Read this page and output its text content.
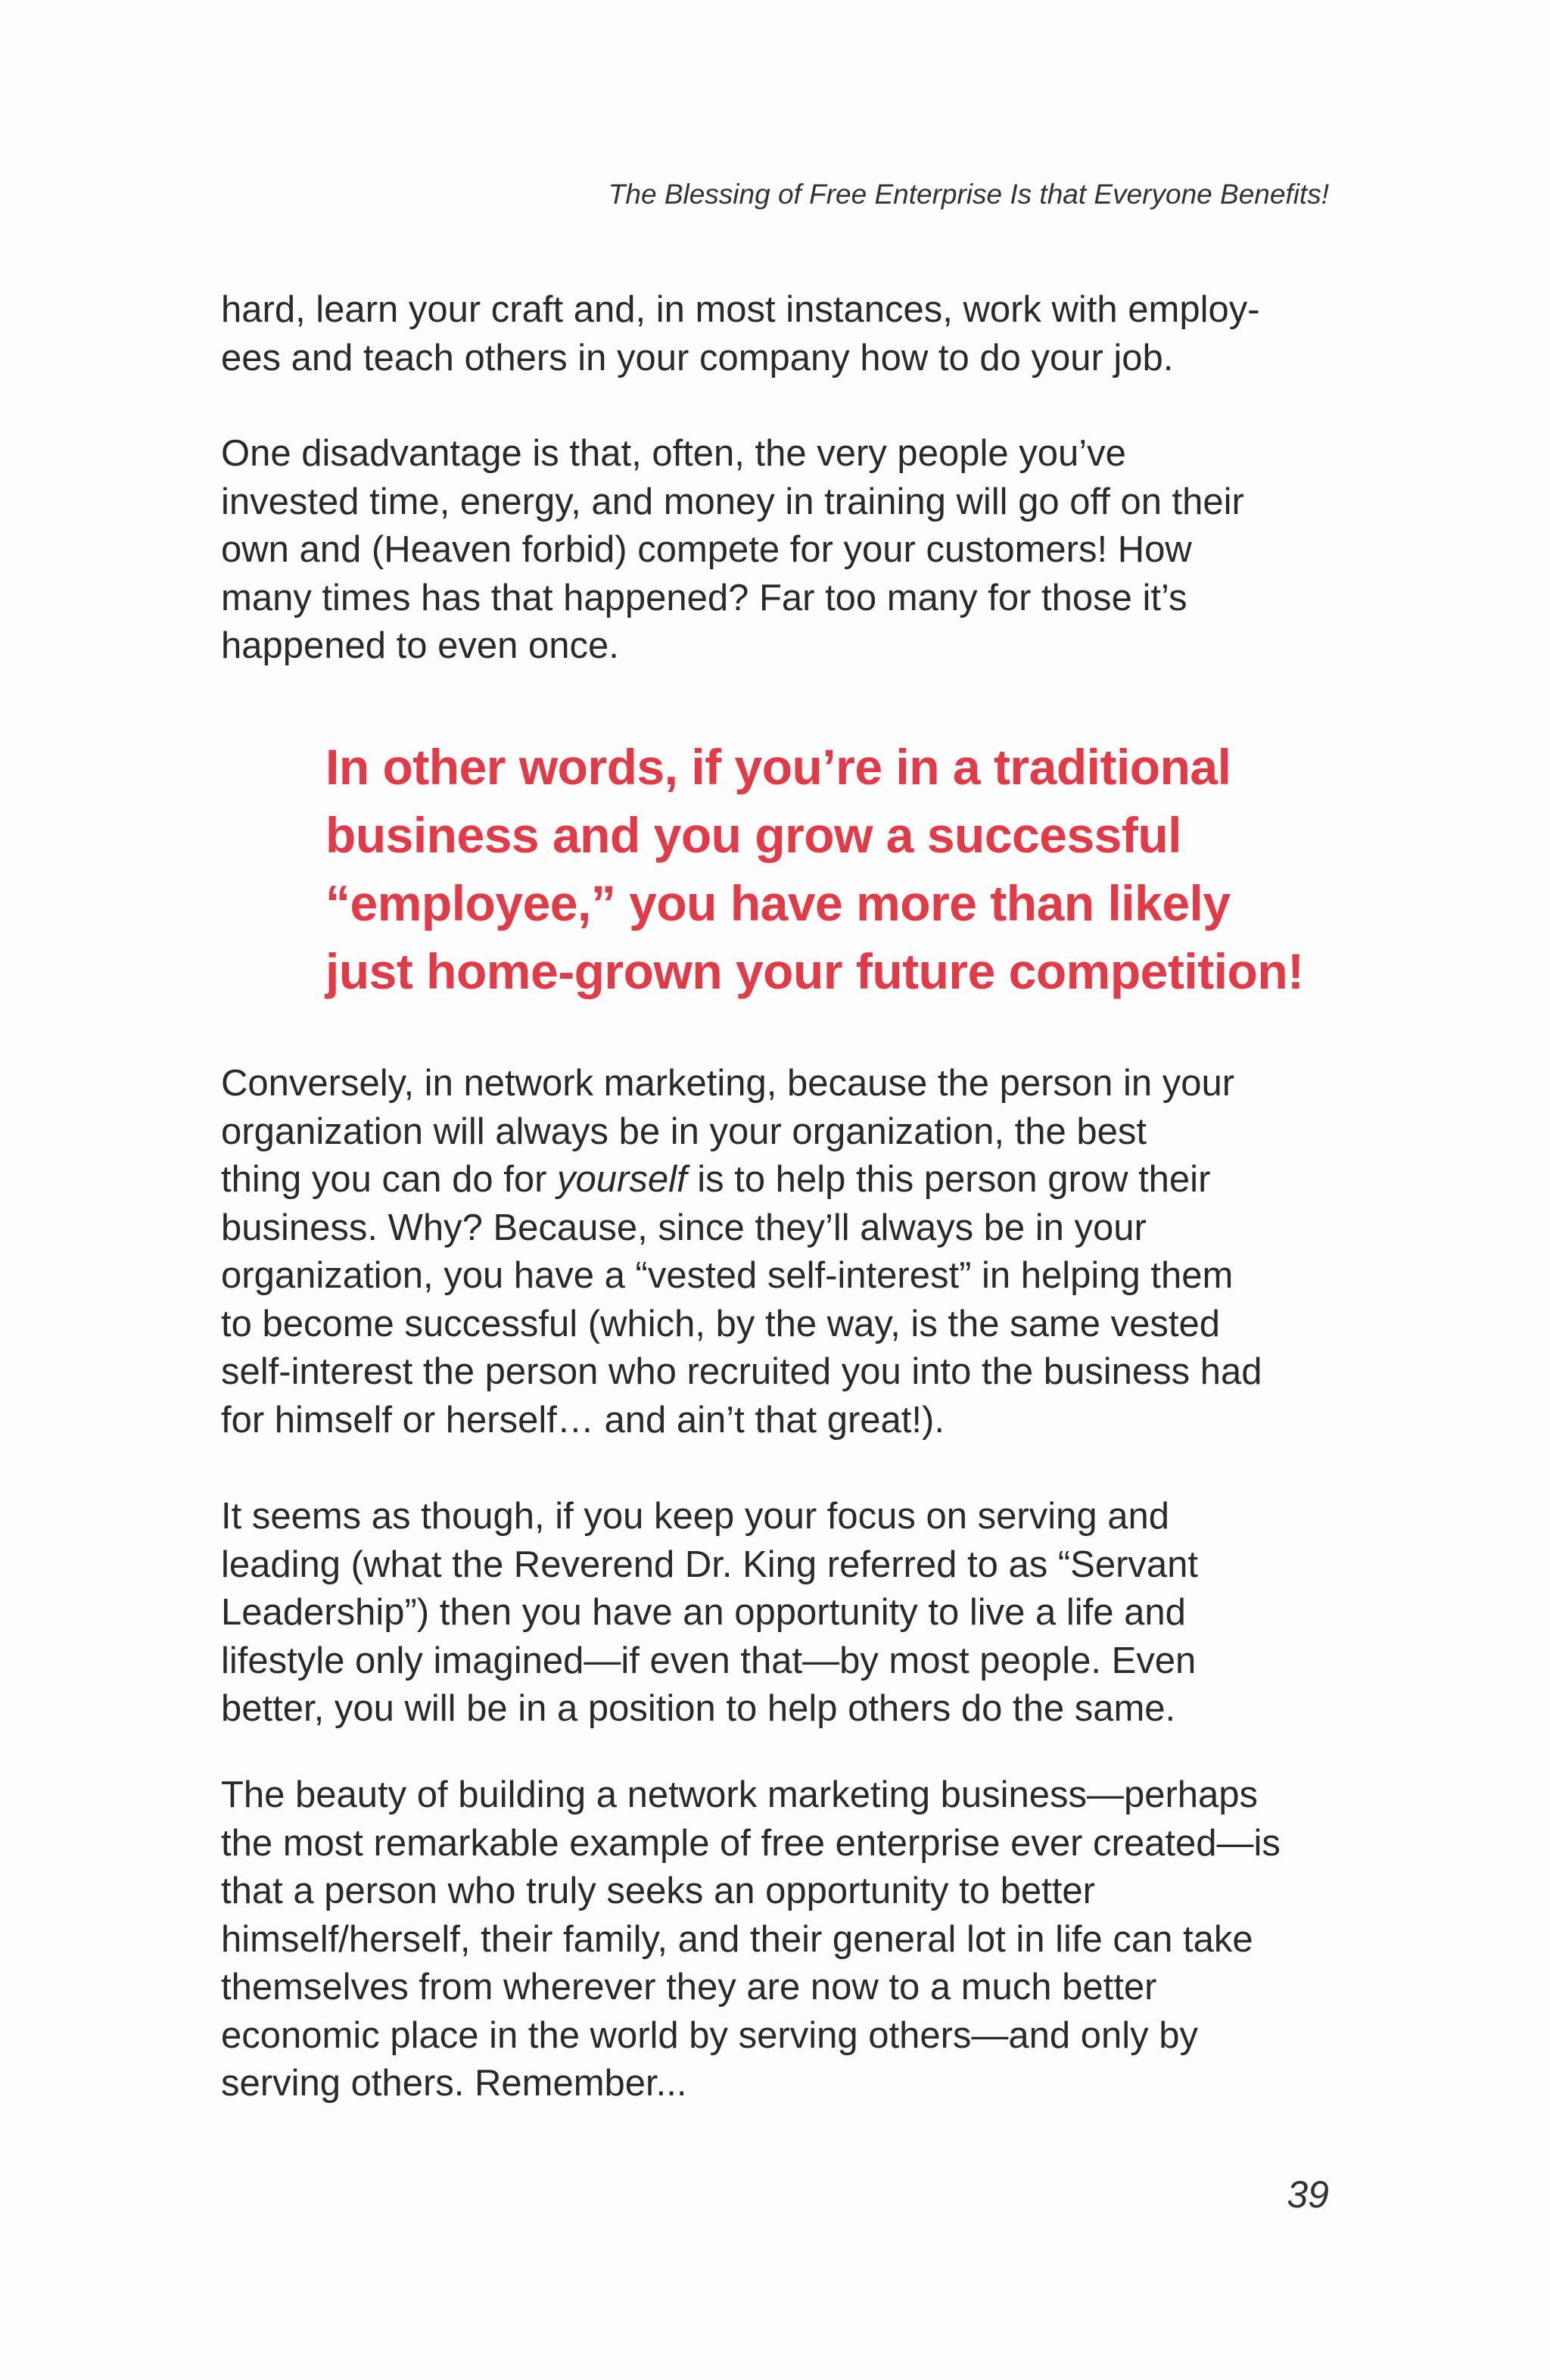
The Blessing of Free Enterprise Is that Everyone Benefits!

hard, learn your craft and, in most instances, work with employ-
ees and teach others in your company how to do your job.

One disadvantage is that, often, the very people you’ve
invested time, energy, and money in training will go off on their
own and (Heaven forbid) compete for your customers! How
many times has that happened? Far too many for those it’s
happened to even once.

In other words, if you’re in a traditional
business and you grow a successful
“employee,” you have more than likely
just home-grown your future competition!

Conversely, in network marketing, because the person in your
organization will always be in your organization, the best
thing you can do for yourself is to help this person grow their
business. Why? Because, since they’ll always be in your
organization, you have a “vested self-interest” in helping them
to become successful (which, by the way, is the same vested
self-interest the person who recruited you into the business had
for himself or herself… and ain’t that great!).

It seems as though, if you keep your focus on serving and
leading (what the Reverend Dr. King referred to as “Servant
Leadership”) then you have an opportunity to live a life and
lifestyle only imagined—if even that—by most people. Even
better, you will be in a position to help others do the same.

The beauty of building a network marketing business—perhaps
the most remarkable example of free enterprise ever created—is
that a person who truly seeks an opportunity to better
himself/herself, their family, and their general lot in life can take
themselves from wherever they are now to a much better
economic place in the world by serving others—and only by
serving others. Remember...

39
